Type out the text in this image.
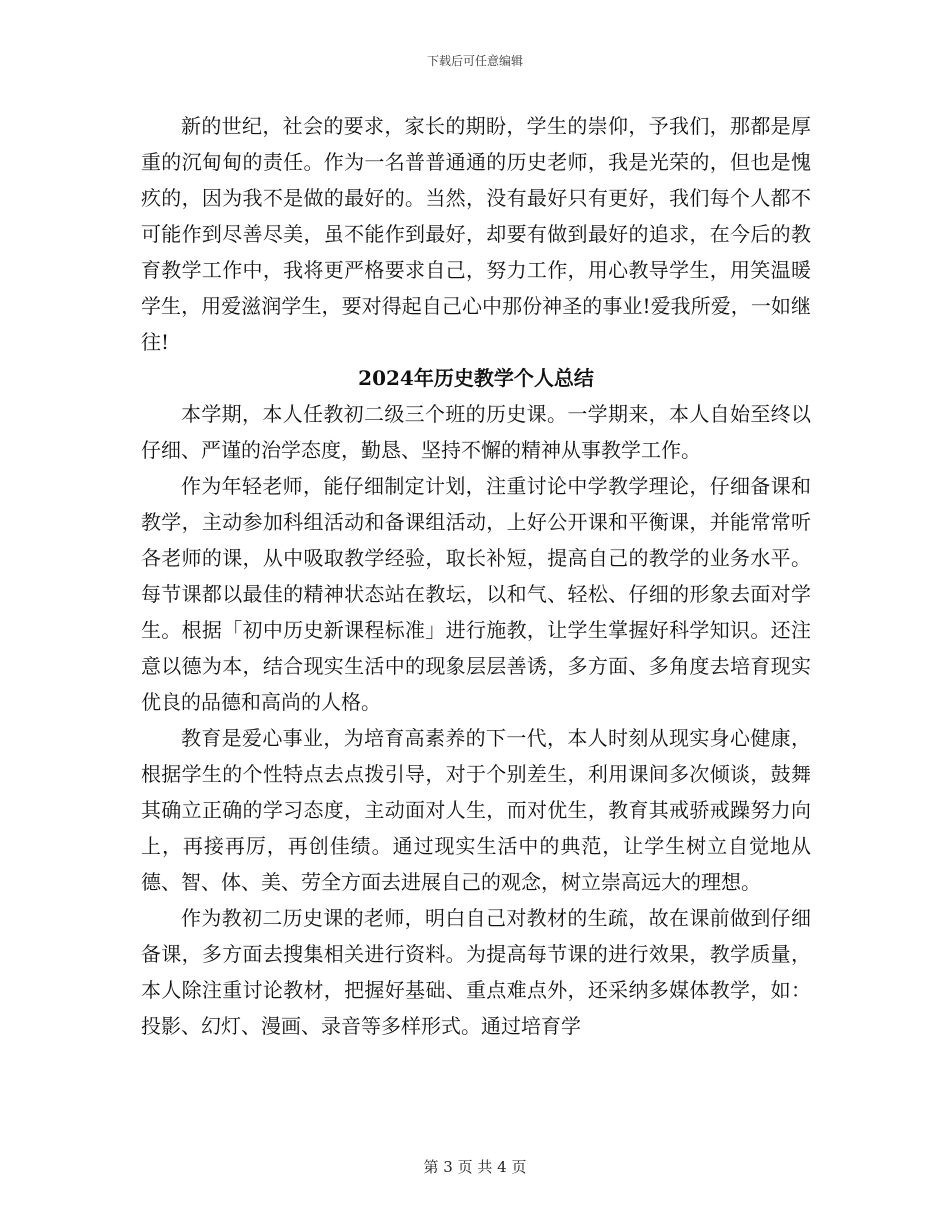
下载后可任意编辑

新的世纪，社会的要求，家长的期盼，学生的崇仰，予我们，那都是厚重的沉甸甸的责任。作为一名普普通通的历史老师，我是光荣的，但也是愧疚的，因为我不是做的最好的。当然，没有最好只有更好，我们每个人都不可能作到尽善尽美，虽不能作到最好，却要有做到最好的追求，在今后的教育教学工作中，我将更严格要求自己，努力工作，用心教导学生，用笑温暖学生，用爱滋润学生，要对得起自己心中那份神圣的事业!爱我所爱，一如继往!

2024年历史教学个人总结

本学期，本人任教初二级三个班的历史课。一学期来，本人自始至终以仔细、严谨的治学态度，勤恳、坚持不懈的精神从事教学工作。

作为年轻老师，能仔细制定计划，注重讨论中学教学理论，仔细备课和教学，主动参加科组活动和备课组活动，上好公开课和平衡课，并能常常听各老师的课，从中吸取教学经验，取长补短，提高自己的教学的业务水平。每节课都以最佳的精神状态站在教坛，以和气、轻松、仔细的形象去面对学生。根据「初中历史新课程标准」进行施教，让学生掌握好科学知识。还注意以德为本，结合现实生活中的现象层层善诱，多方面、多角度去培育现实优良的品德和高尚的人格。

教育是爱心事业，为培育高素养的下一代，本人时刻从现实身心健康，根据学生的个性特点去点拨引导，对于个别差生，利用课间多次倾谈，鼓舞其确立正确的学习态度，主动面对人生，而对优生，教育其戒骄戒躁努力向上，再接再厉，再创佳绩。通过现实生活中的典范，让学生树立自觉地从德、智、体、美、劳全方面去进展自己的观念，树立崇高远大的理想。

作为教初二历史课的老师，明白自己对教材的生疏，故在课前做到仔细备课，多方面去搜集相关进行资料。为提高每节课的进行效果，教学质量，本人除注重讨论教材，把握好基础、重点难点外，还采纳多媒体教学，如：投影、幻灯、漫画、录音等多样形式。通过培育学

第 3 页 共 4 页
